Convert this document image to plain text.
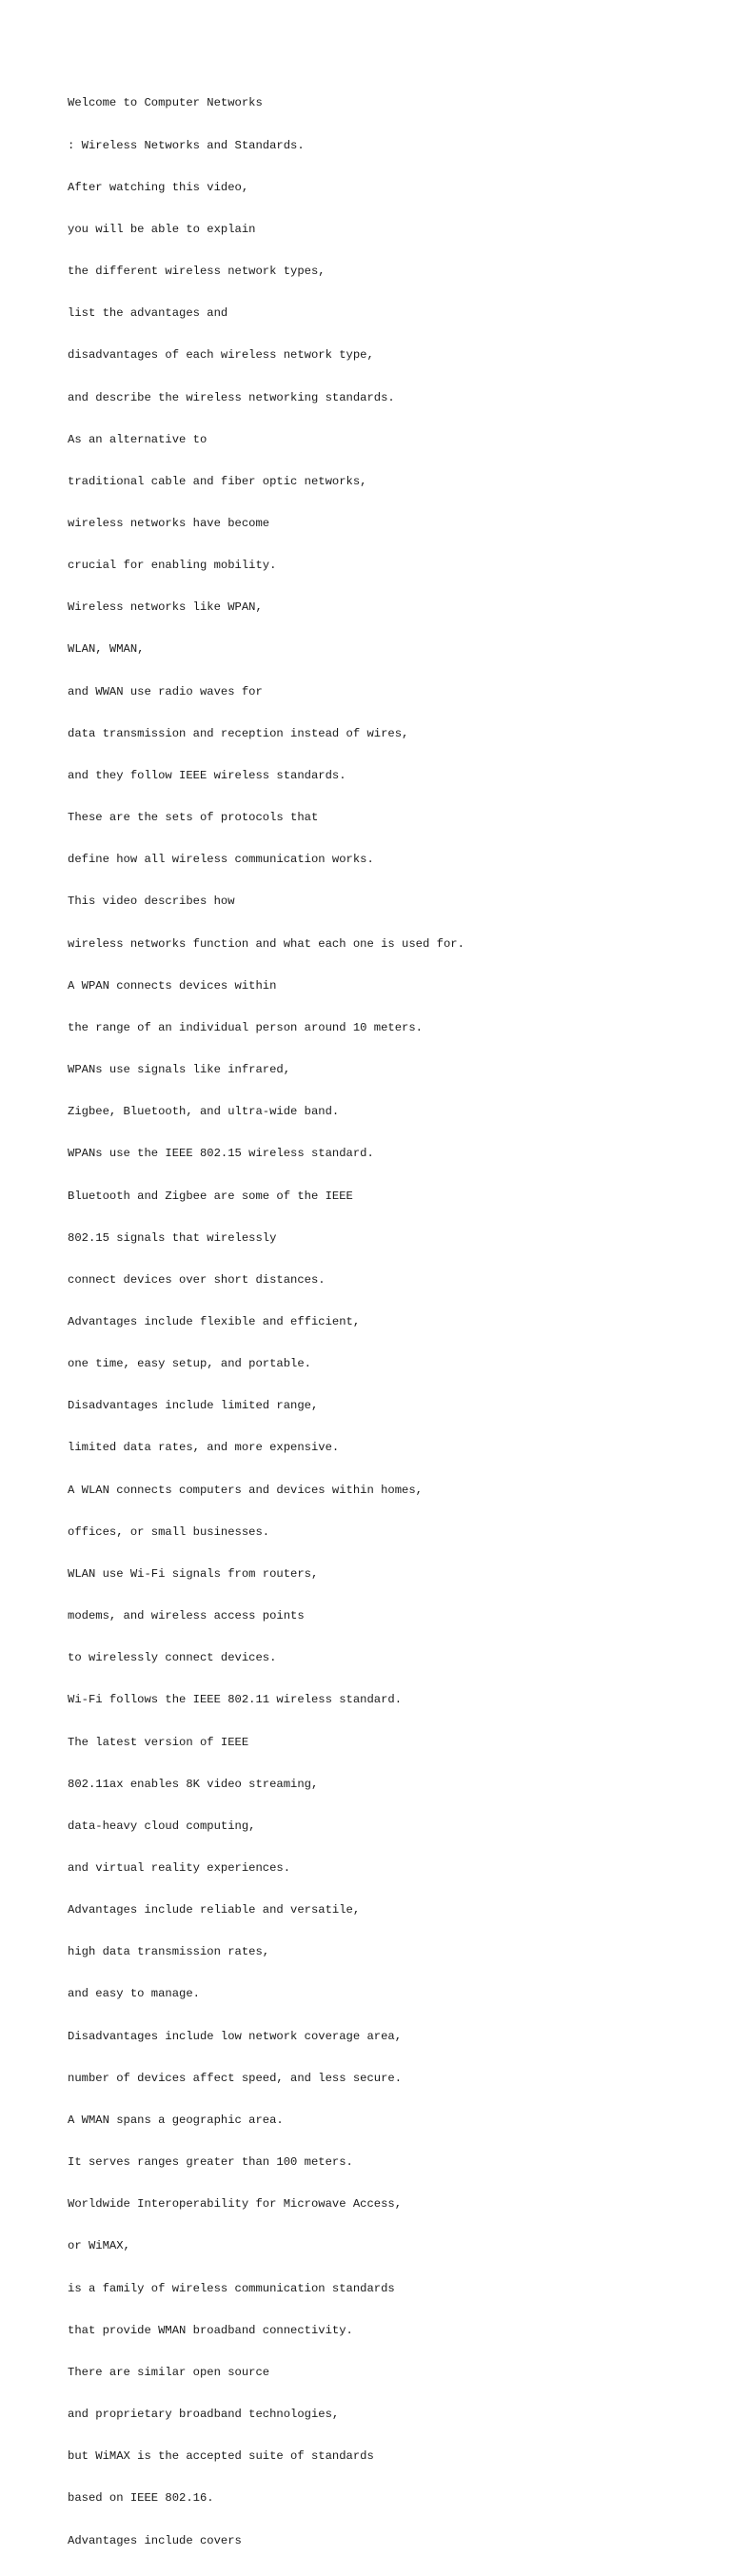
Welcome to Computer Networks

: Wireless Networks and Standards.

After watching this video,

you will be able to explain

the different wireless network types,

list the advantages and

disadvantages of each wireless network type,

and describe the wireless networking standards.

As an alternative to

traditional cable and fiber optic networks,

wireless networks have become

crucial for enabling mobility.

Wireless networks like WPAN,

WLAN, WMAN,

and WWAN use radio waves for

data transmission and reception instead of wires,

and they follow IEEE wireless standards.

These are the sets of protocols that

define how all wireless communication works.

This video describes how

wireless networks function and what each one is used for.

A WPAN connects devices within

the range of an individual person around 10 meters.

WPANs use signals like infrared,

Zigbee, Bluetooth, and ultra-wide band.

WPANs use the IEEE 802.15 wireless standard.

Bluetooth and Zigbee are some of the IEEE

802.15 signals that wirelessly

connect devices over short distances.

Advantages include flexible and efficient,

one time, easy setup, and portable.

Disadvantages include limited range,

limited data rates, and more expensive.

A WLAN connects computers and devices within homes,

offices, or small businesses.

WLAN use Wi-Fi signals from routers,

modems, and wireless access points

to wirelessly connect devices.

Wi-Fi follows the IEEE 802.11 wireless standard.

The latest version of IEEE

802.11ax enables 8K video streaming,

data-heavy cloud computing,

and virtual reality experiences.

Advantages include reliable and versatile,

high data transmission rates,

and easy to manage.

Disadvantages include low network coverage area,

number of devices affect speed, and less secure.

A WMAN spans a geographic area.

It serves ranges greater than 100 meters.

Worldwide Interoperability for Microwave Access,

or WiMAX,

is a family of wireless communication standards

that provide WMAN broadband connectivity.

There are similar open source

and proprietary broadband technologies,

but WiMAX is the accepted suite of standards

based on IEEE 802.16.

Advantages include covers
